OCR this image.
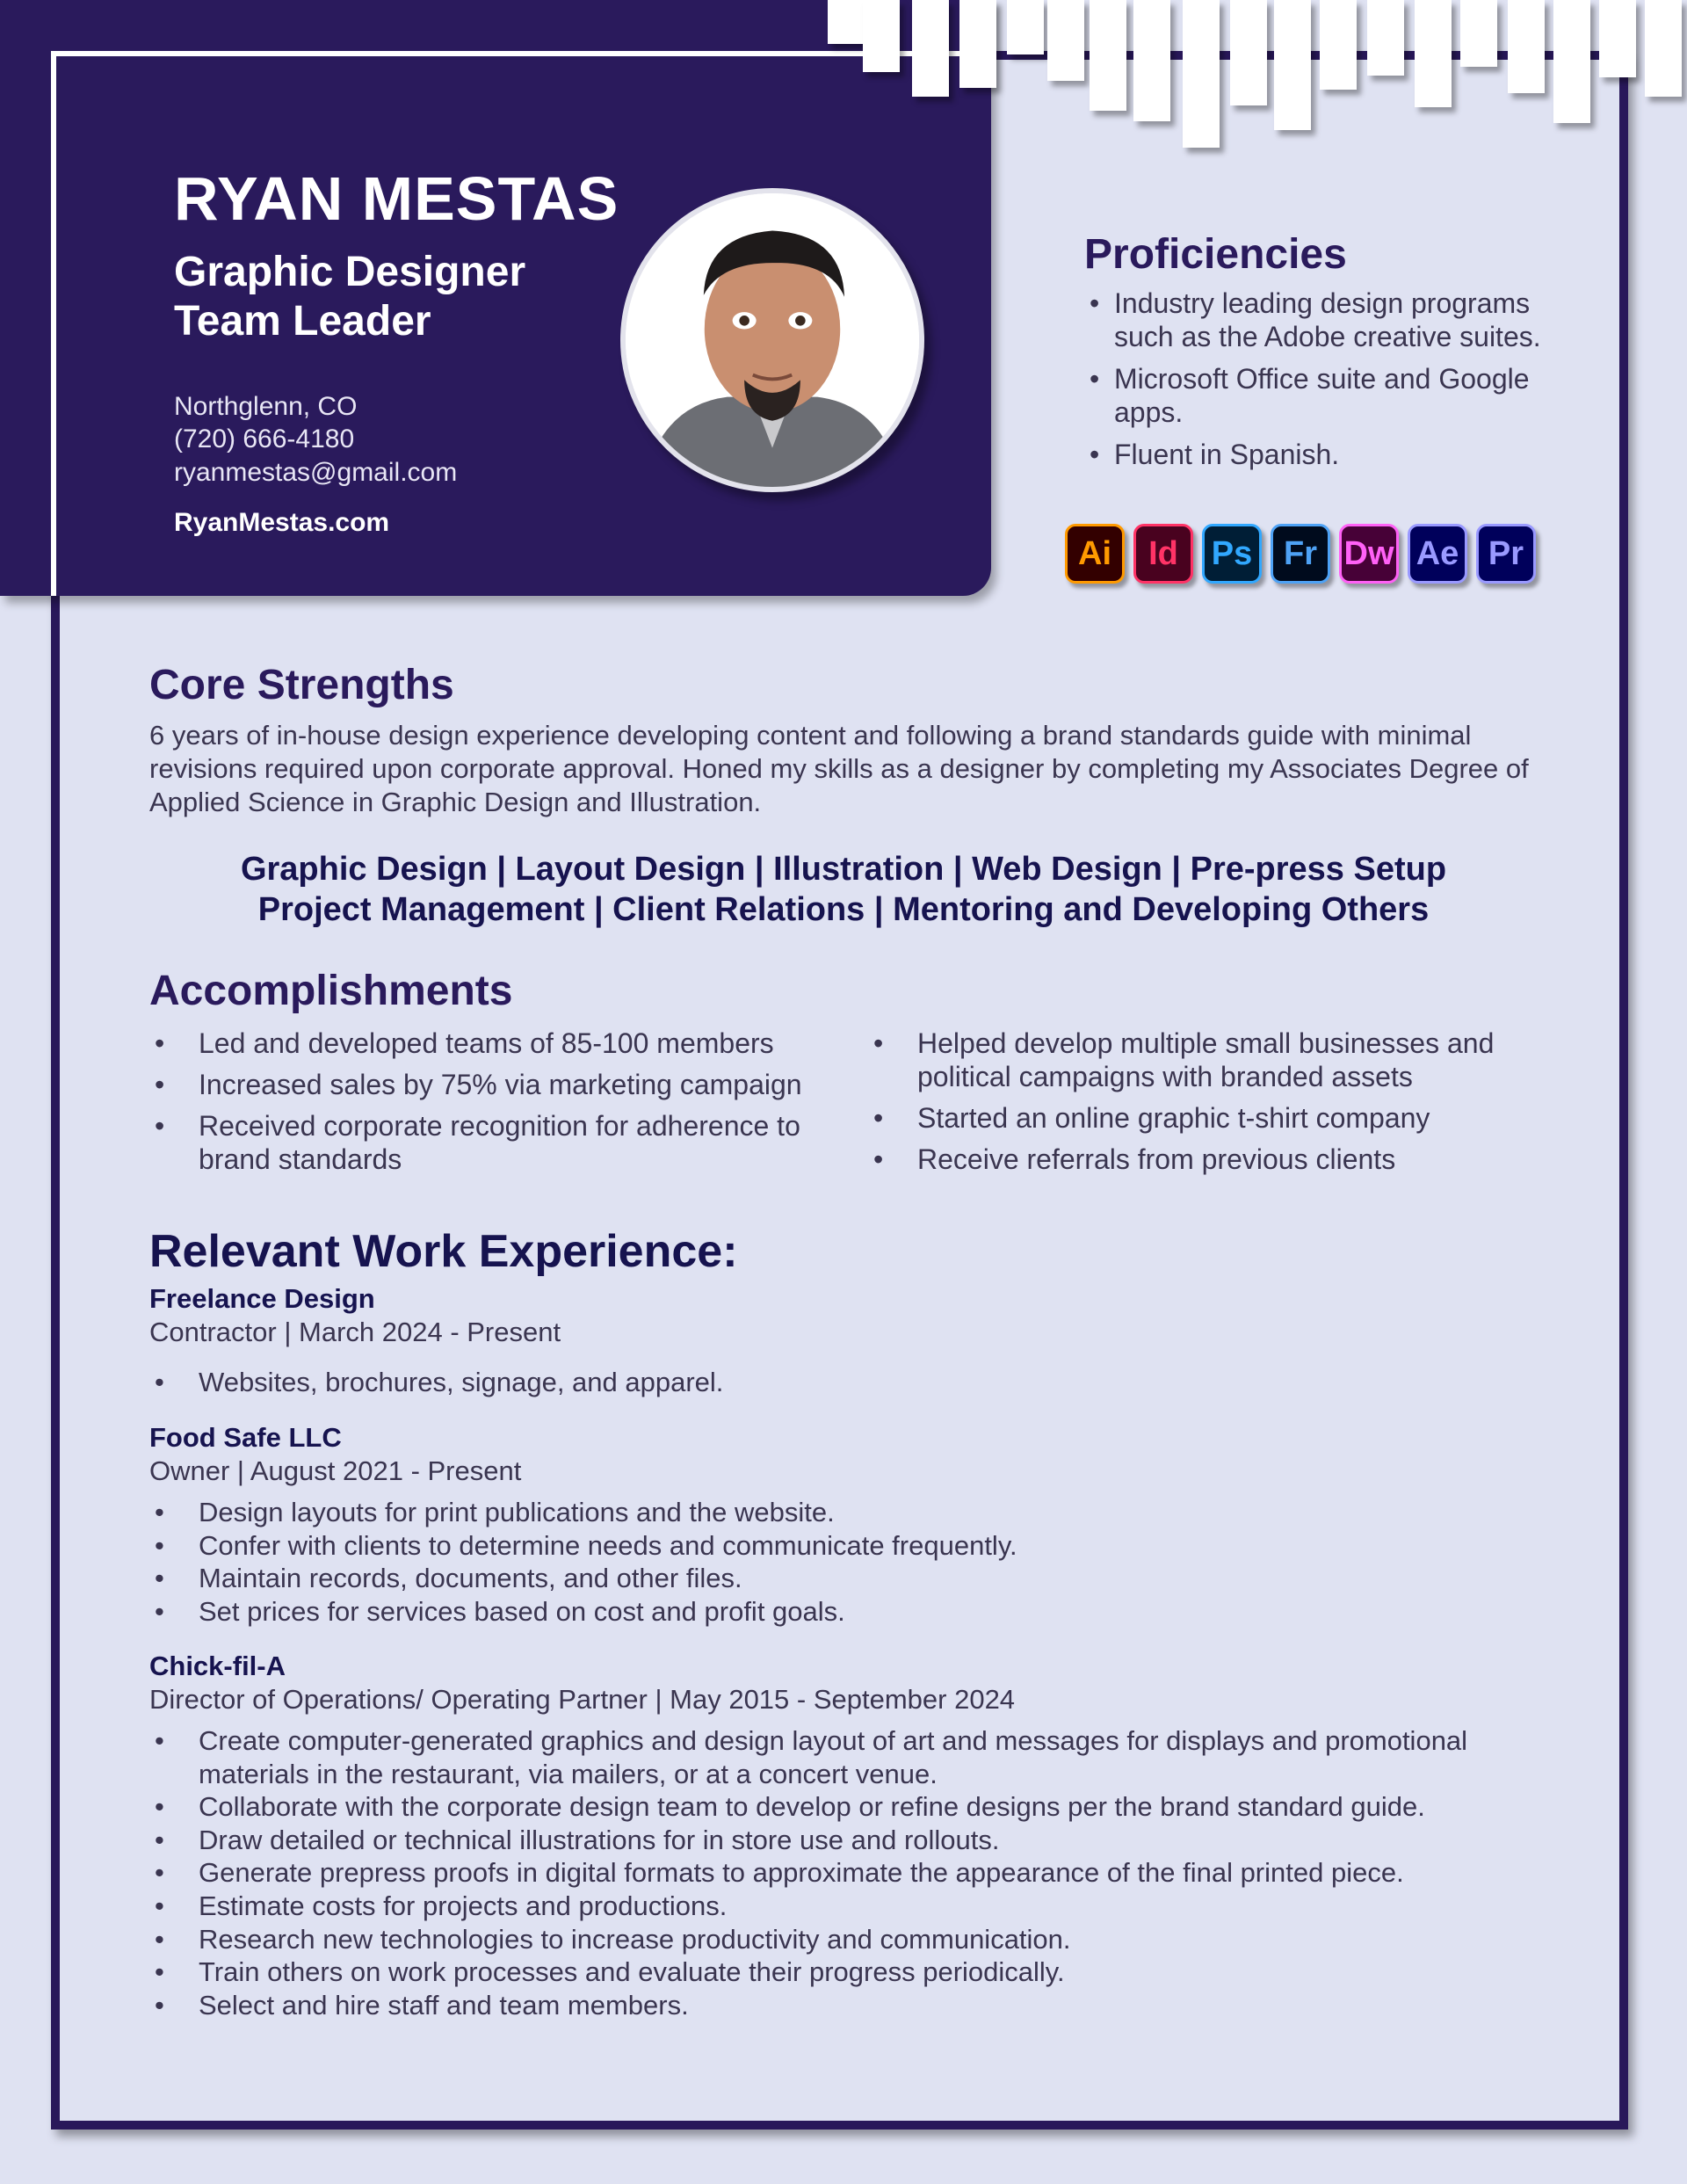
RYAN MESTAS
Graphic Designer
Team Leader
Northglenn, CO
(720) 666-4180
ryanmestas@gmail.com
RyanMestas.com
Proficiencies
• Industry leading design programs such as the Adobe creative suites.
• Microsoft Office suite and Google apps.
• Fluent in Spanish.
Ai Id Ps Fr Dw Ae Pr
Core Strengths

6 years of in-house design experience developing content and following a brand standards guide with minimal revisions required upon corporate approval. Honed my skills as a designer by completing my Associates Degree of Applied Science in Graphic Design and Illustration.

Graphic Design | Layout Design | Illustration | Web Design | Pre-press Setup
Project Management | Client Relations | Mentoring and Developing Others
Accomplishments
• Led and developed teams of 85-100 members
• Increased sales by 75% via marketing campaign
• Received corporate recognition for adherence to brand standards
• Helped develop multiple small businesses and political campaigns with branded assets
• Started an online graphic t-shirt company
• Receive referrals from previous clients
Relevant Work Experience:
Freelance Design
Contractor | March 2024 - Present
• Websites, brochures, signage, and apparel.
Food Safe LLC
Owner | August 2021 - Present
• Design layouts for print publications and the website.
• Confer with clients to determine needs and communicate frequently.
• Maintain records, documents, and other files.
• Set prices for services based on cost and profit goals.
Chick-fil-A
Director of Operations/ Operating Partner | May 2015 - September 2024
• Create computer-generated graphics and design layout of art and messages for displays and promotional materials in the restaurant, via mailers, or at a concert venue.
• Collaborate with the corporate design team to develop or refine designs per the brand standard guide.
• Draw detailed or technical illustrations for in store use and rollouts.
• Generate prepress proofs in digital formats to approximate the appearance of the final printed piece.
• Estimate costs for projects and productions.
• Research new technologies to increase productivity and communication.
• Train others on work processes and evaluate their progress periodically.
• Select and hire staff and team members.
